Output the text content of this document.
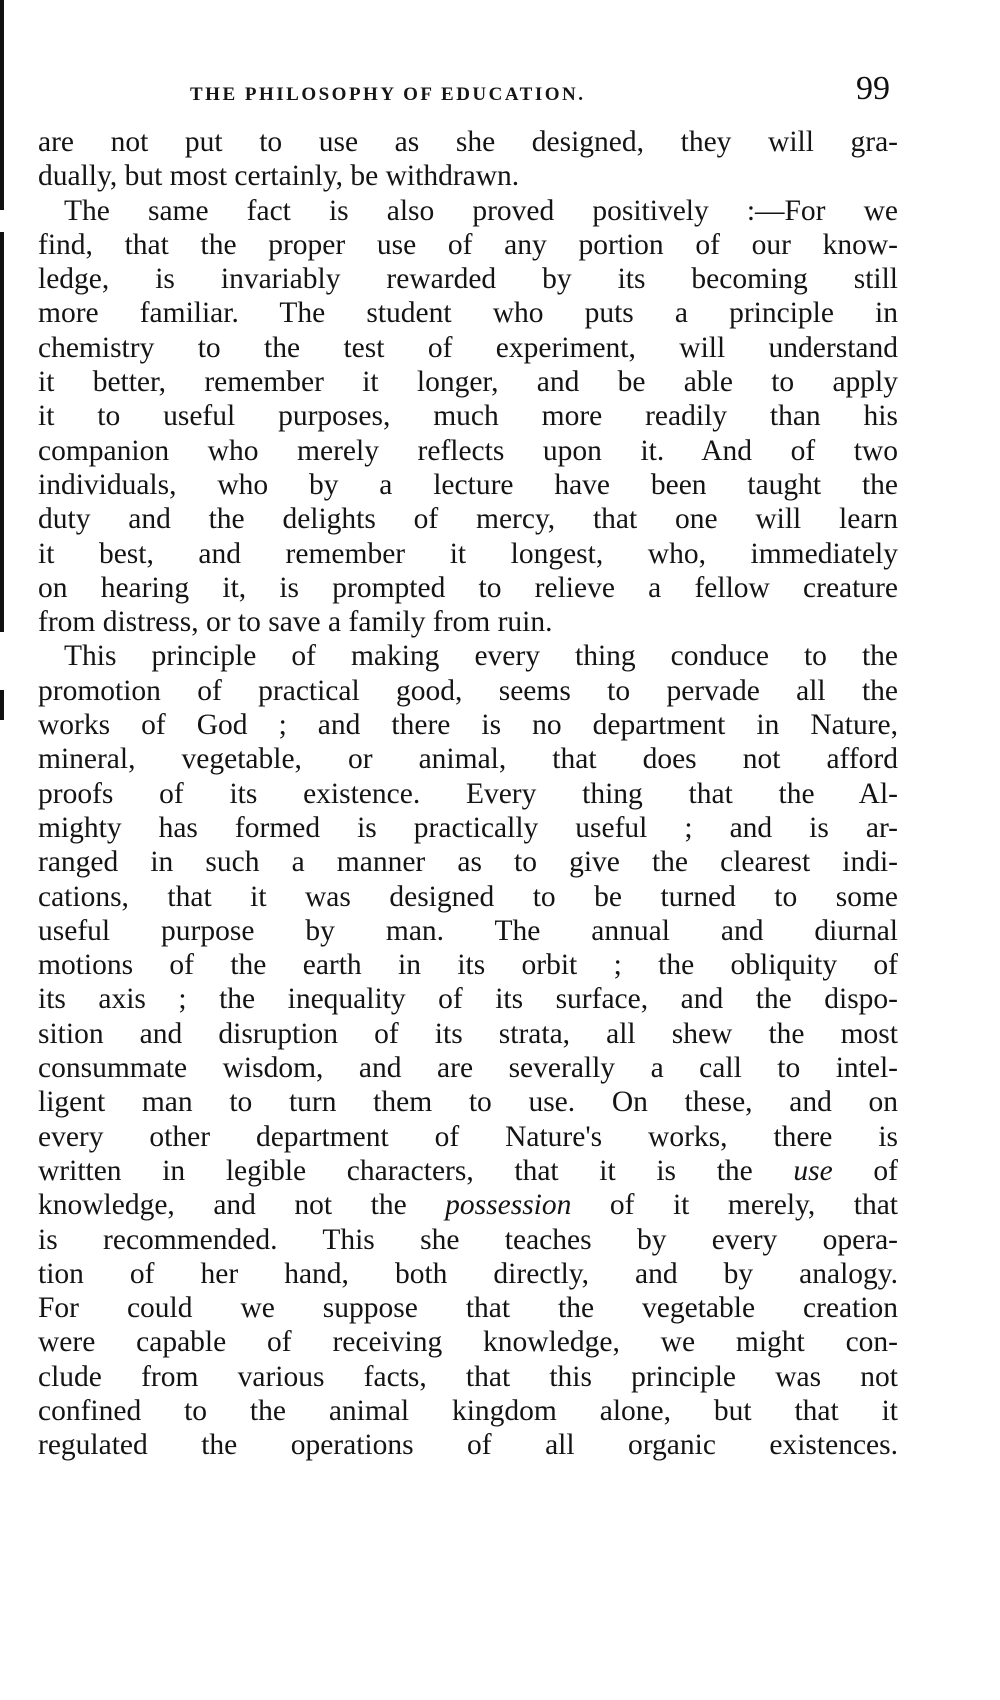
THE PHILOSOPHY OF EDUCATION.	99
are not put to use as she designed, they will gra-
dually, but most certainly, be withdrawn.
The same fact is also proved positively :—For we
find, that the proper use of any portion of our know-
ledge, is invariably rewarded by its becoming still
more familiar. The student who puts a principle in
chemistry to the test of experiment, will understand
it better, remember it longer, and be able to apply
it to useful purposes, much more readily than his
companion who merely reflects upon it. And of two
individuals, who by a lecture have been taught the
duty and the delights of mercy, that one will learn
it best, and remember it longest, who, immediately
on hearing it, is prompted to relieve a fellow creature
from distress, or to save a family from ruin.
This principle of making every thing conduce to the
promotion of practical good, seems to pervade all the
works of God ; and there is no department in Nature,
mineral, vegetable, or animal, that does not afford
proofs of its existence. Every thing that the Al-
mighty has formed is practically useful ; and is ar-
ranged in such a manner as to give the clearest indi-
cations, that it was designed to be turned to some
useful purpose by man. The annual and diurnal
motions of the earth in its orbit ; the obliquity of
its axis ; the inequality of its surface, and the dispo-
sition and disruption of its strata, all shew the most
consummate wisdom, and are severally a call to intel-
ligent man to turn them to use. On these, and on
every other department of Nature's works, there is
written in legible characters, that it is the use of
knowledge, and not the possession of it merely, that
is recommended. This she teaches by every opera-
tion of her hand, both directly, and by analogy.
For could we suppose that the vegetable creation
were capable of receiving knowledge, we might con-
clude from various facts, that this principle was not
confined to the animal kingdom alone, but that it
regulated the operations of all organic existences.
